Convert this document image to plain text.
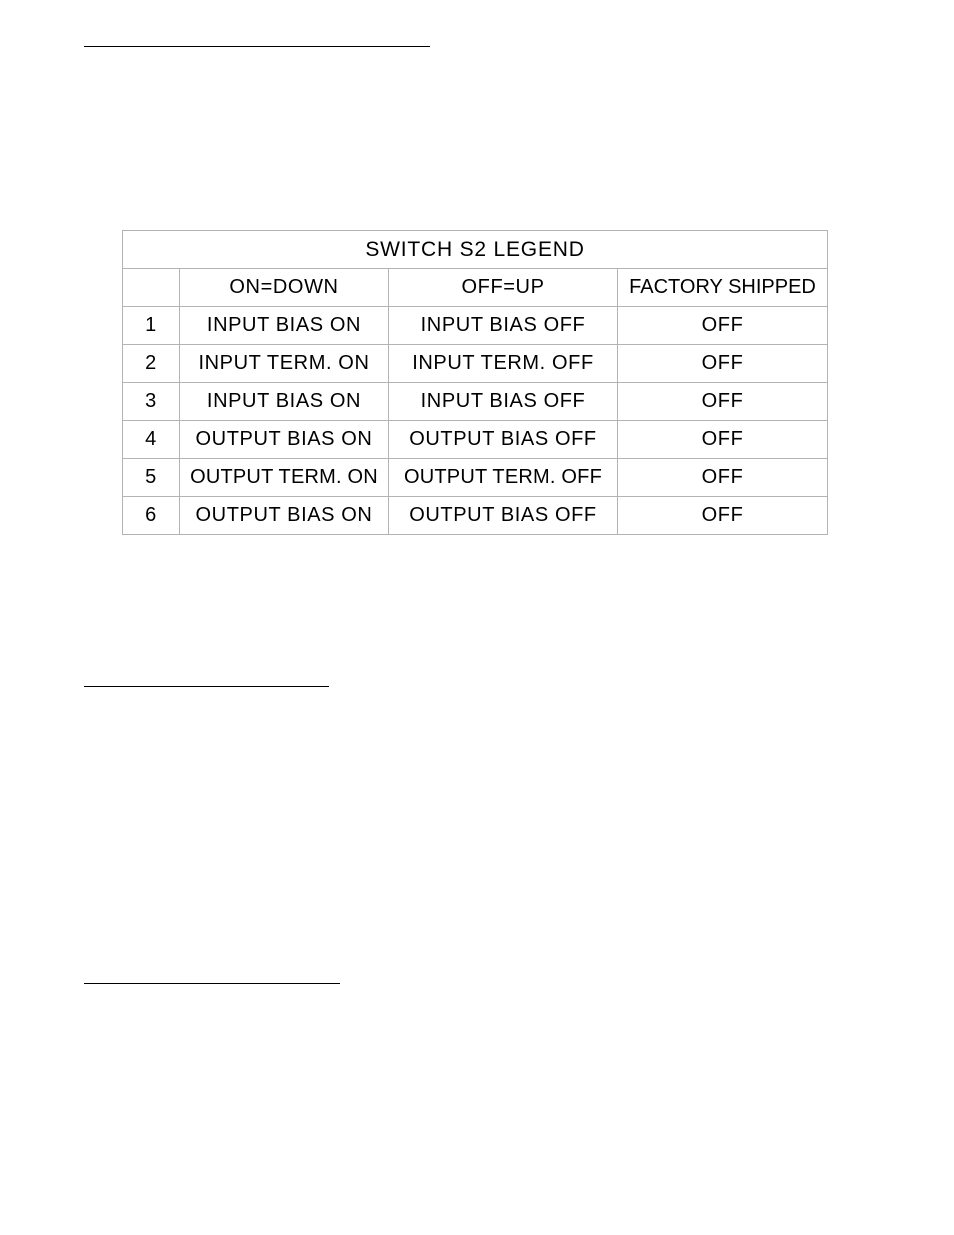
SWITCH S2 LEGEND			
	ON=DOWN	OFF=UP	FACTORY SHIPPED
1	INPUT BIAS ON	INPUT BIAS OFF	OFF
2	INPUT TERM. ON	INPUT TERM. OFF	OFF
3	INPUT BIAS ON	INPUT BIAS OFF	OFF
4	OUTPUT BIAS ON	OUTPUT BIAS OFF	OFF
5	OUTPUT TERM. ON	OUTPUT TERM. OFF	OFF
6	OUTPUT BIAS ON	OUTPUT BIAS OFF	OFF
